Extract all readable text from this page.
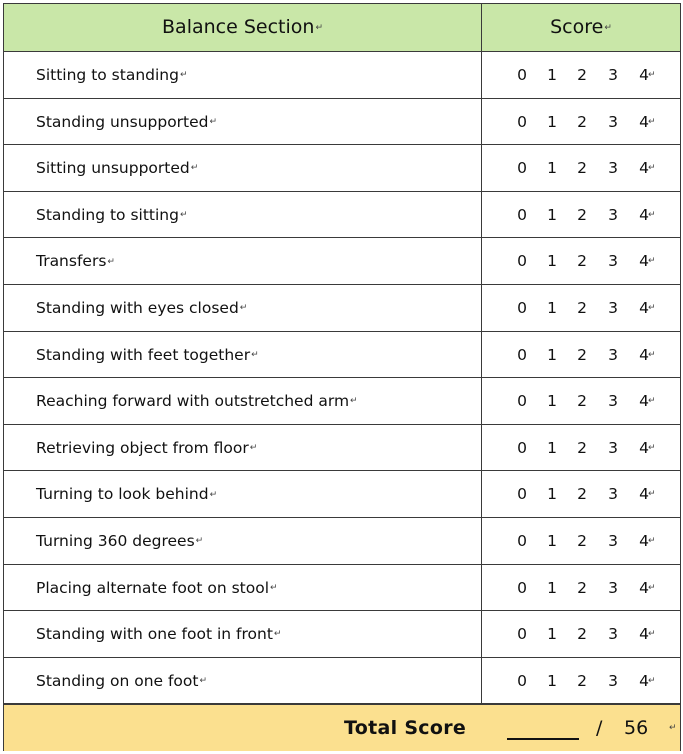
Balance Section↵	Score↵
Sitting to standing↵	0	1	2	3	4 ↵
Standing unsupported↵	0	1	2	3	4 ↵
Sitting unsupported↵	0	1	2	3	4 ↵
Standing to sitting↵	0	1	2	3	4 ↵
Transfers↵	0	1	2	3	4 ↵
Standing with eyes closed↵	0	1	2	3	4 ↵
Standing with feet together↵	0	1	2	3	4 ↵
Reaching forward with outstretched arm↵	0	1	2	3	4 ↵
Retrieving object from floor↵	0	1	2	3	4 ↵
Turning to look behind↵	0	1	2	3	4 ↵
Turning 360 degrees↵	0	1	2	3	4 ↵
Placing alternate foot on stool↵	0	1	2	3	4 ↵
Standing with one foot in front↵	0	1	2	3	4 ↵
Standing on one foot↵	0	1	2	3	4 ↵
Total Score	/ 56 ↵
